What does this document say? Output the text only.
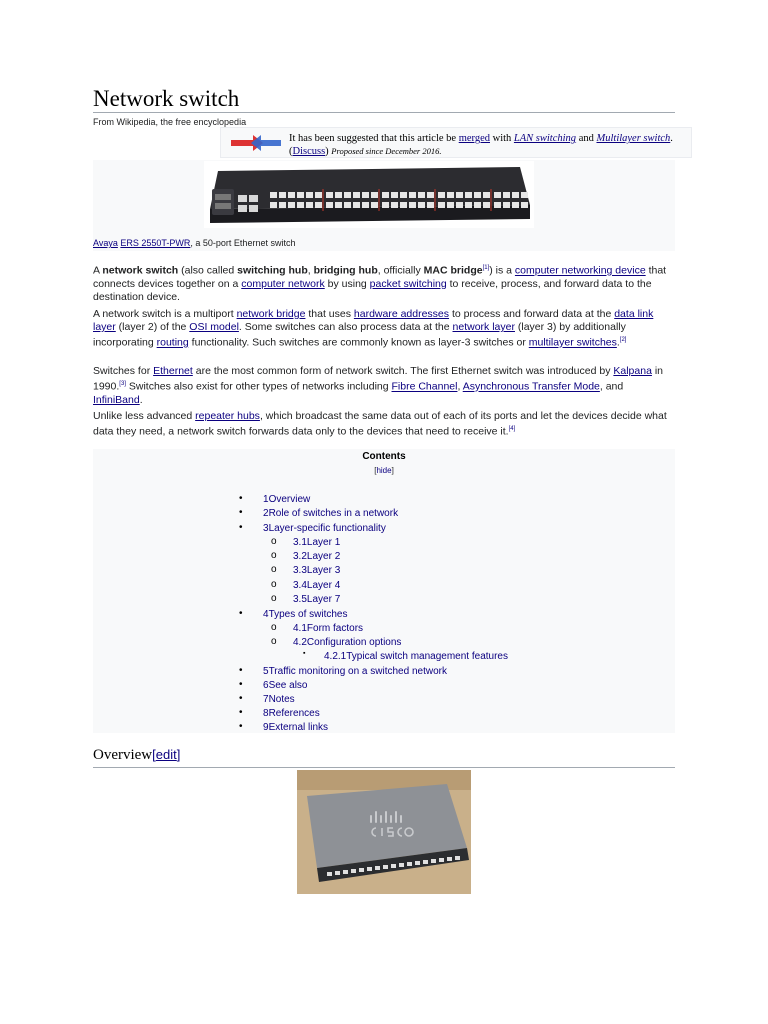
Network switch
From Wikipedia, the free encyclopedia
It has been suggested that this article be merged with LAN switching and Multilayer switch. (Discuss) Proposed since December 2016.
Avaya ERS 2550T-PWR, a 50-port Ethernet switch

A network switch (also called switching hub, bridging hub, officially MAC bridge[1]) is a computer networking device that connects devices together on a computer network by using packet switching to receive, process, and forward data to the destination device.

A network switch is a multiport network bridge that uses hardware addresses to process and forward data at the data link layer (layer 2) of the OSI model. Some switches can also process data at the network layer (layer 3) by additionally incorporating routing functionality. Such switches are commonly known as layer-3 switches or multilayer switches.[2]

Switches for Ethernet are the most common form of network switch. The first Ethernet switch was introduced by Kalpana in 1990.[3] Switches also exist for other types of networks including Fibre Channel, Asynchronous Transfer Mode, and InfiniBand.

Unlike less advanced repeater hubs, which broadcast the same data out of each of its ports and let the devices decide what data they need, a network switch forwards data only to the devices that need to receive it.[4]

Contents
[hide]
• 1Overview
• 2Role of switches in a network
• 3Layer-specific functionality
o 3.1Layer 1
o 3.2Layer 2
o 3.3Layer 3
o 3.4Layer 4
o 3.5Layer 7
• 4Types of switches
o 4.1Form factors
o 4.2Configuration options
▪ 4.2.1Typical switch management features
• 5Traffic monitoring on a switched network
• 6See also
• 7Notes
• 8References
• 9External links
Overview[edit]
